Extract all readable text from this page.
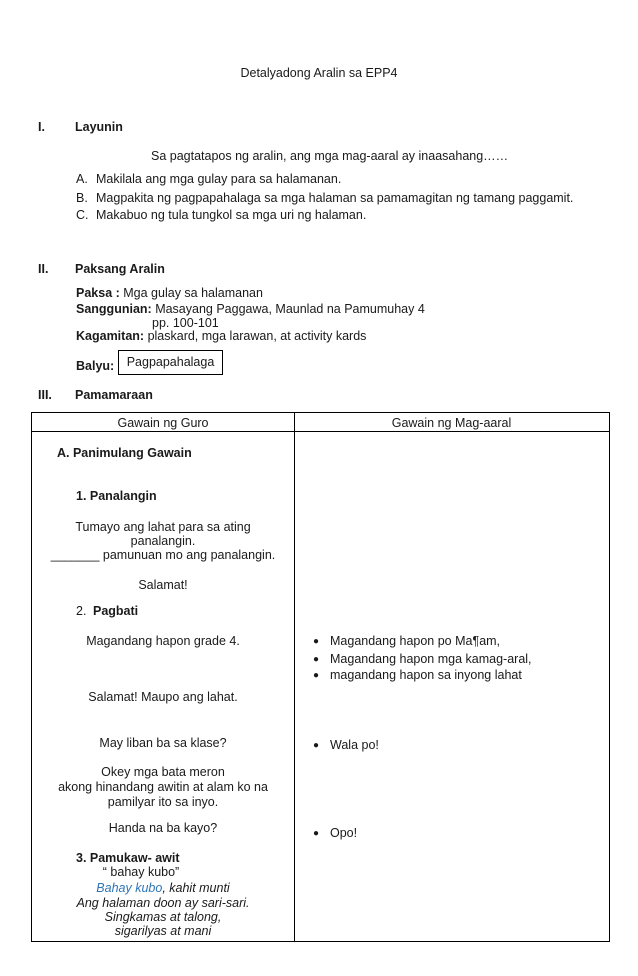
Detalyadong Aralin sa EPP4
I. Layunin
Sa pagtatapos ng aralin, ang mga mag-aaral ay inaasahang……
A. Makilala ang mga gulay para sa halamanan.
B. Magpakita ng pagpapahalaga sa mga halaman sa pamamagitan ng tamang paggamit.
C. Makabuo ng tula tungkol sa mga uri ng halaman.
II. Paksang Aralin
Paksa : Mga gulay sa halamanan
Sanggunian: Masayang Paggawa, Maunlad na Pamumuhay 4
pp. 100-101
Kagamitan: plaskard, mga larawan, at activity kards
Balyu:	Pagpapahalaga
III. Pamamaraan
Gawain ng Guro	Gawain ng Mag-aaral
A. Panimulang Gawain
1. Panalangin
Tumayo ang lahat para sa ating
panalangin.
_______ pamunuan mo ang panalangin.
Salamat!
2. Pagbati
Magandang hapon grade 4.
Salamat! Maupo ang lahat.
May liban ba sa klase?
Okey mga bata meron
akong hinandang awitin at alam ko na
pamilyar ito sa inyo.
Handa na ba kayo?
3. Pamukaw- awit
“ bahay kubo”
Bahay kubo, kahit munti
Ang halaman doon ay sari-sari.
Singkamas at talong,
sigarilyas at mani
● Magandang hapon po Ma¶am,
● Magandang hapon mga kamag-aral,
● magandang hapon sa inyong lahat
● Wala po!
● Opo!
